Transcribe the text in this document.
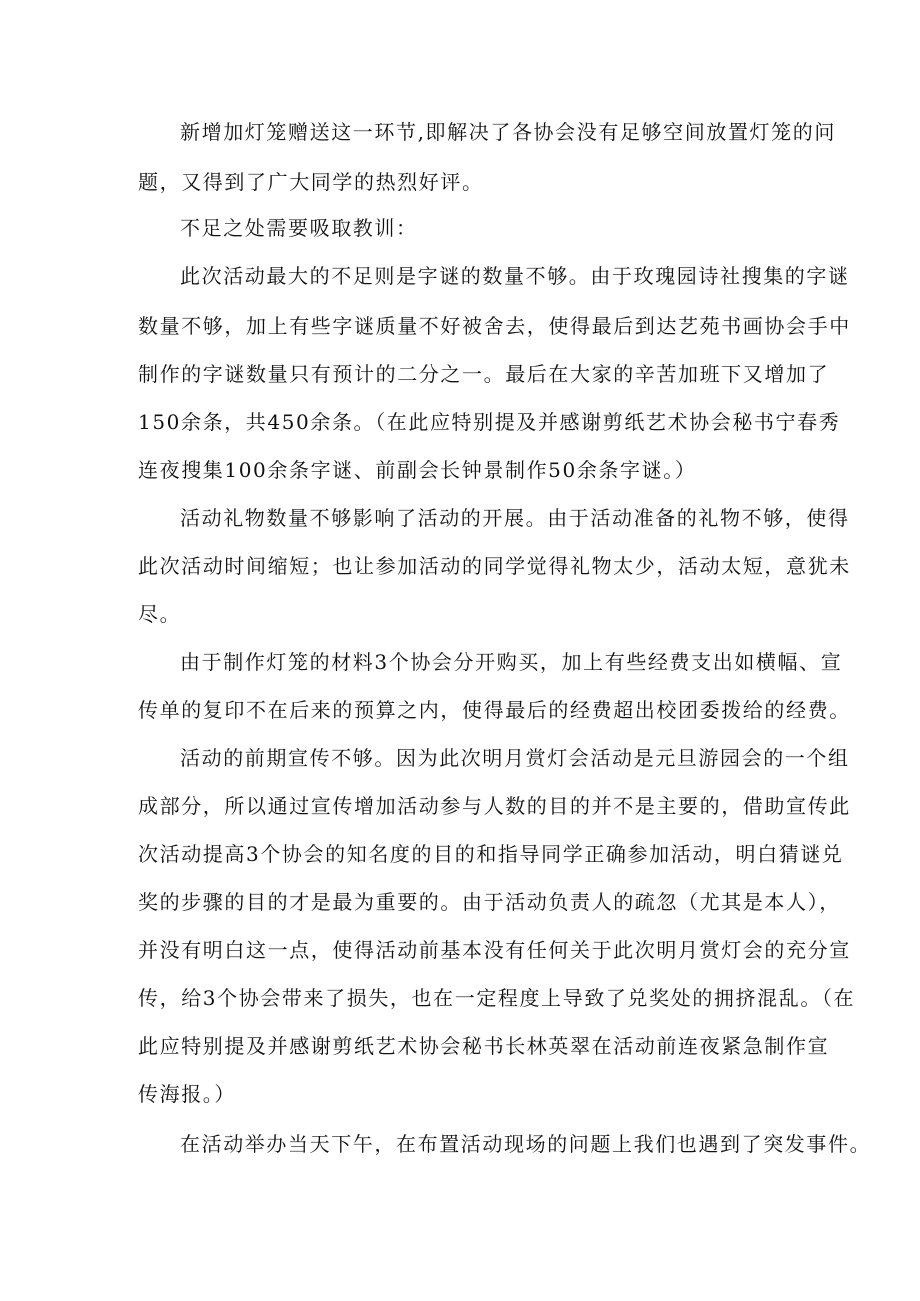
新增加灯笼赠送这一环节,即解决了各协会没有足够空间放置灯笼的问
题，又得到了广大同学的热烈好评。
不足之处需要吸取教训：
此次活动最大的不足则是字谜的数量不够。由于玫瑰园诗社搜集的字谜
数量不够，加上有些字谜质量不好被舍去，使得最后到达艺苑书画协会手中
制作的字谜数量只有预计的二分之一。最后在大家的辛苦加班下又增加了
150余条，共450余条。（在此应特别提及并感谢剪纸艺术协会秘书宁春秀
连夜搜集100余条字谜、前副会长钟景制作50余条字谜。）
活动礼物数量不够影响了活动的开展。由于活动准备的礼物不够，使得
此次活动时间缩短；也让参加活动的同学觉得礼物太少，活动太短，意犹未
尽。
由于制作灯笼的材料3个协会分开购买，加上有些经费支出如横幅、宣
传单的复印不在后来的预算之内，使得最后的经费超出校团委拨给的经费。
活动的前期宣传不够。因为此次明月赏灯会活动是元旦游园会的一个组
成部分，所以通过宣传增加活动参与人数的目的并不是主要的，借助宣传此
次活动提高3个协会的知名度的目的和指导同学正确参加活动，明白猜谜兑
奖的步骤的目的才是最为重要的。由于活动负责人的疏忽（尤其是本人），
并没有明白这一点，使得活动前基本没有任何关于此次明月赏灯会的充分宣
传，给3个协会带来了损失，也在一定程度上导致了兑奖处的拥挤混乱。（在
此应特别提及并感谢剪纸艺术协会秘书长林英翠在活动前连夜紧急制作宣
传海报。）
在活动举办当天下午，在布置活动现场的问题上我们也遇到了突发事件。
